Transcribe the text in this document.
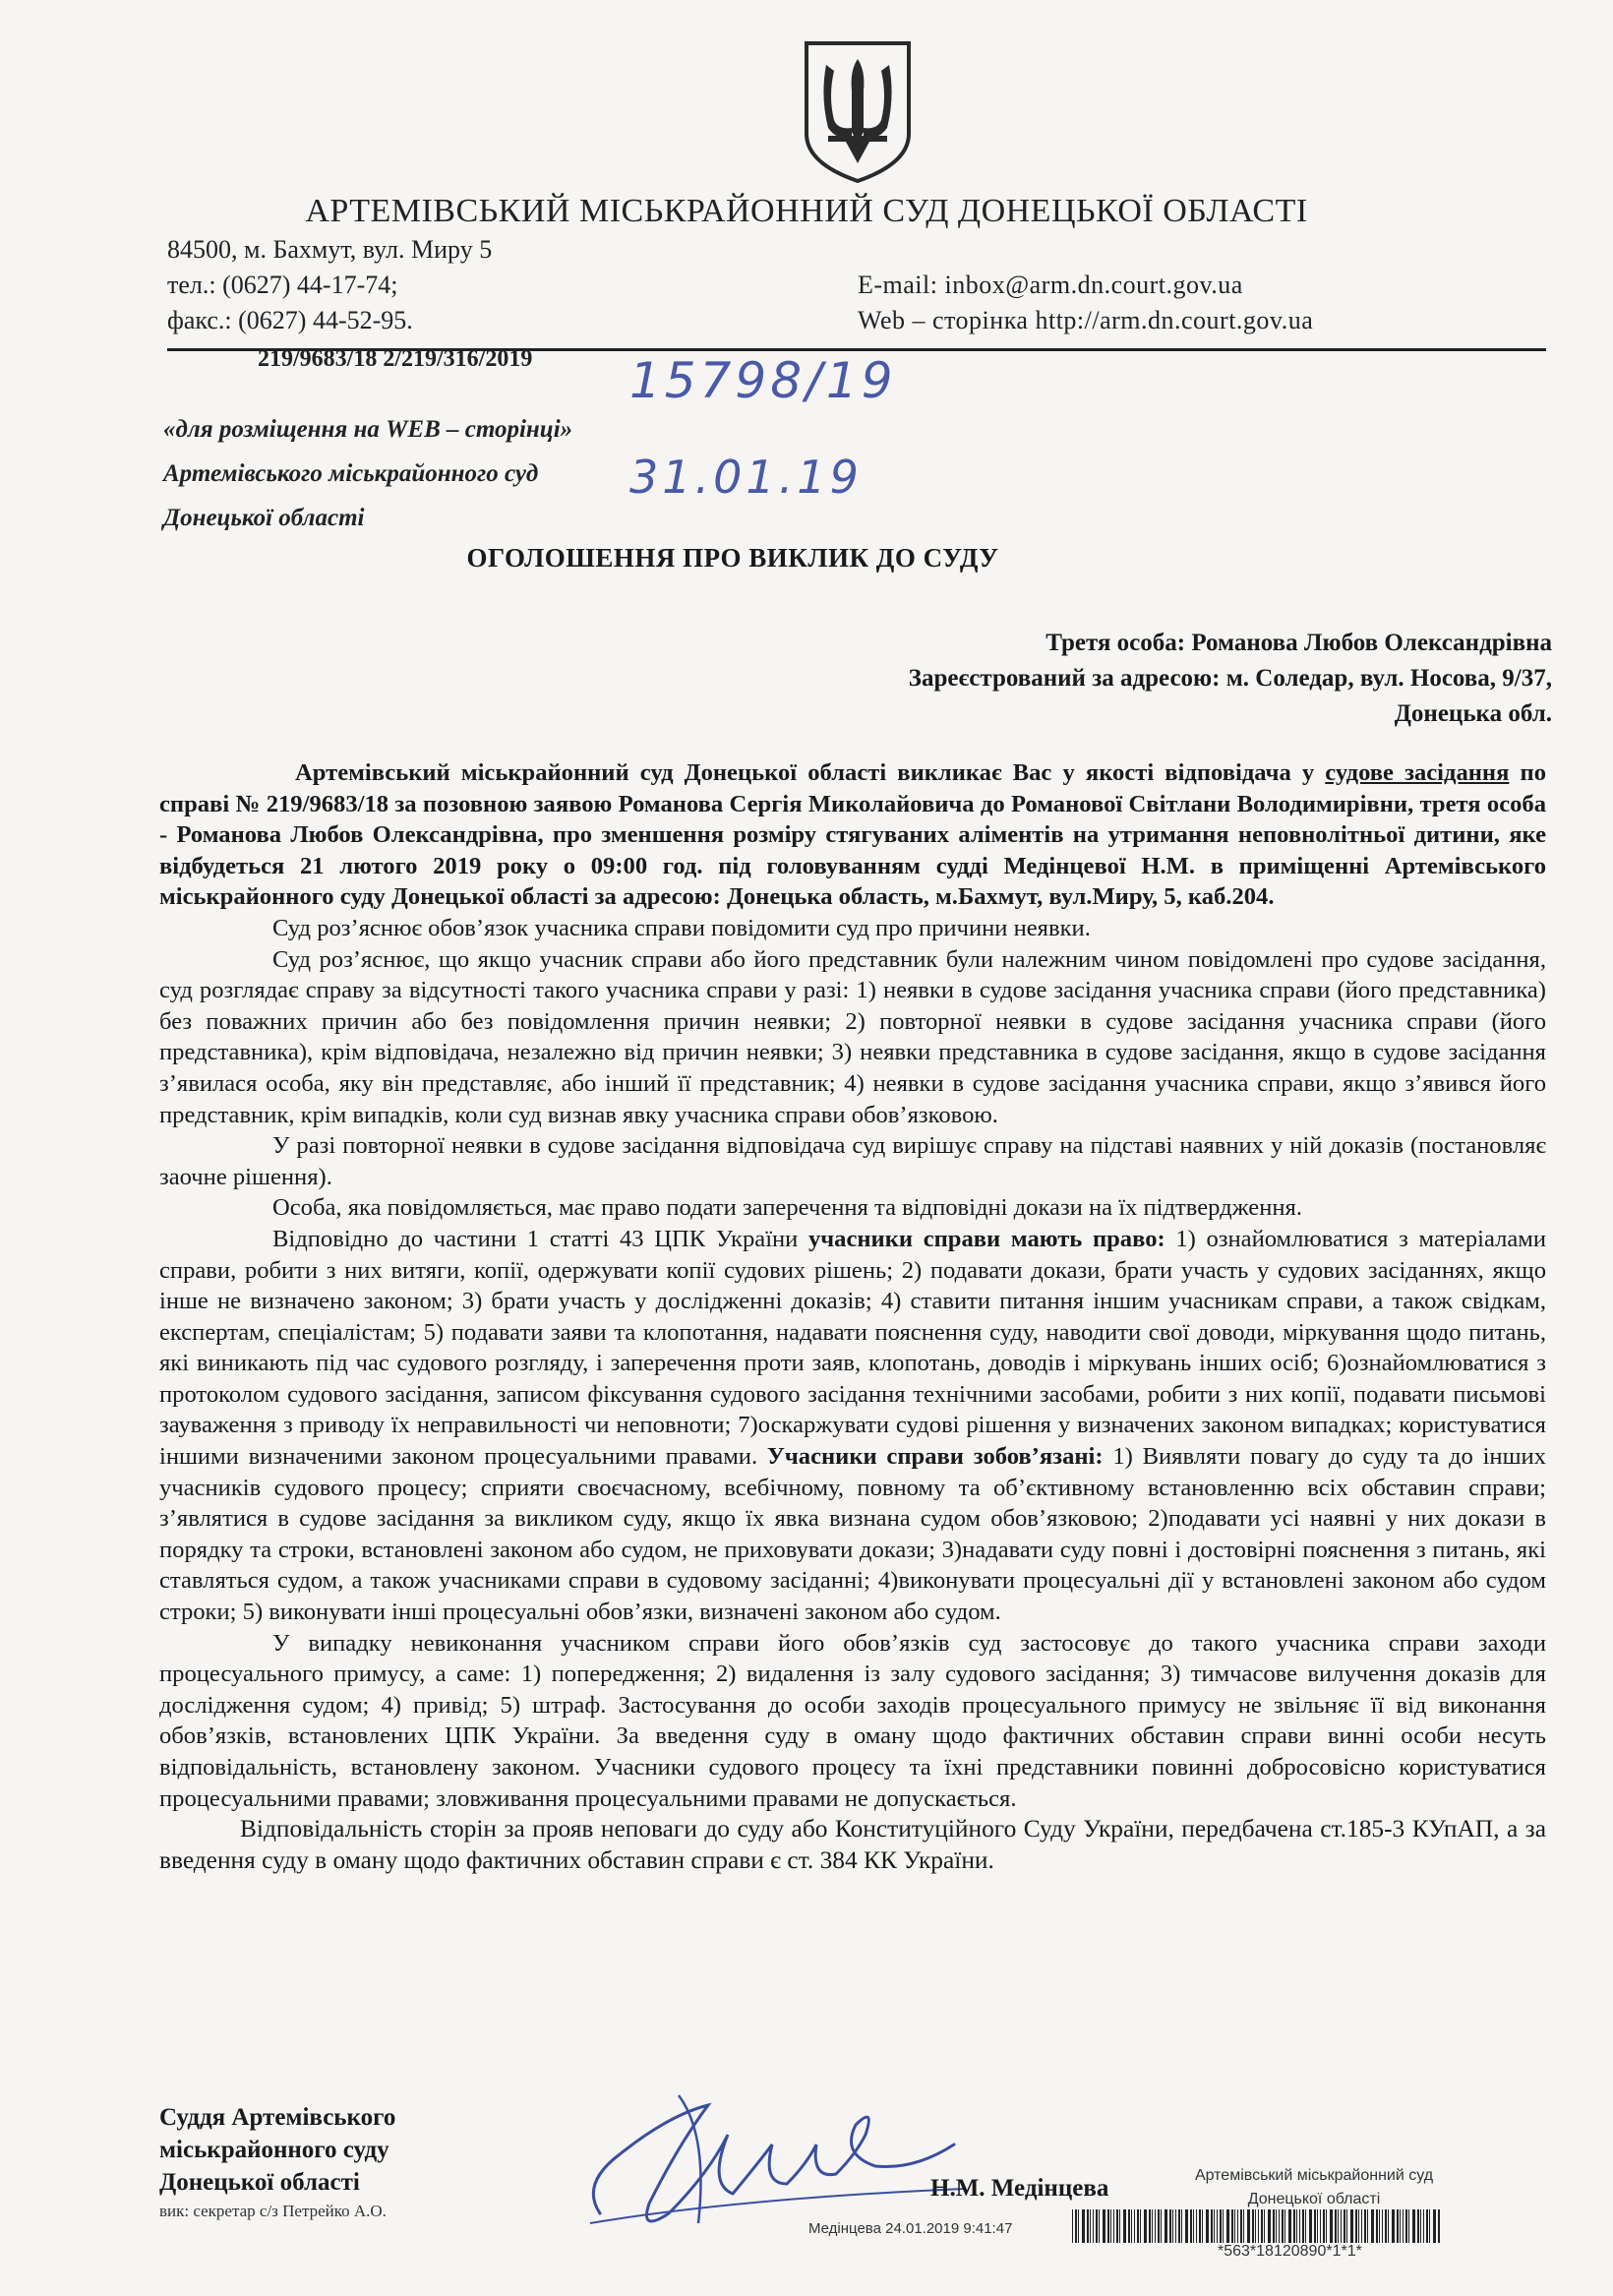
АРТЕМІВСЬКИЙ МІСЬКРАЙОННИЙ СУД ДОНЕЦЬКОЇ ОБЛАСТІ
84500, м. Бахмут, вул. Миру 5
тел.: (0627) 44-17-74;
факс.: (0627) 44-52-95.
E-mail: inbox@arm.dn.court.gov.ua
Web – сторінка http://arm.dn.court.gov.ua
219/9683/18 2/219/316/2019 15798/19
31.01.19
«для розміщення на WEB – сторінці»
Артемівського міськрайонного суд
Донецької області
ОГОЛОШЕННЯ ПРО ВИКЛИК ДО СУДУ
Третя особа: Романова Любов Олександрівна
Зареєстрований за адресою: м. Соледар, вул. Носова, 9/37,
Донецька обл.

Артемівський міськрайонний суд Донецької області викликає Вас у якості відповідача у судове засідання по справі № 219/9683/18 за позовною заявою Романова Сергія Миколайовича до Романової Світлани Володимирівни, третя особа - Романова Любов Олександрівна, про зменшення розміру стягуваних аліментів на утримання неповнолітньої дитини, яке відбудеться 21 лютого 2019 року о 09:00 год. під головуванням судді Медінцевої Н.М. в приміщенні Артемівського міськрайонного суду Донецької області за адресою: Донецька область, м.Бахмут, вул.Миру, 5, каб.204.

Суд роз’яснює обов’язок учасника справи повідомити суд про причини неявки.

Суд роз’яснює, що якщо учасник справи або його представник були належним чином повідомлені про судове засідання, суд розглядає справу за відсутності такого учасника справи у разі: 1) неявки в судове засідання учасника справи (його представника) без поважних причин або без повідомлення причин неявки; 2) повторної неявки в судове засідання учасника справи (його представника), крім відповідача, незалежно від причин неявки; 3) неявки представника в судове засідання, якщо в судове засідання з’явилася особа, яку він представляє, або інший її представник; 4) неявки в судове засідання учасника справи, якщо з’явився його представник, крім випадків, коли суд визнав явку учасника справи обов’язковою.

У разі повторної неявки в судове засідання відповідача суд вирішує справу на підставі наявних у ній доказів (постановляє заочне рішення).

Особа, яка повідомляється, має право подати заперечення та відповідні докази на їх підтвердження.

Відповідно до частини 1 статті 43 ЦПК України учасники справи мають право: 1) ознайомлюватися з матеріалами справи, робити з них витяги, копії, одержувати копії судових рішень; 2) подавати докази, брати участь у судових засіданнях, якщо інше не визначено законом; 3) брати участь у дослідженні доказів; 4) ставити питання іншим учасникам справи, а також свідкам, експертам, спеціалістам; 5) подавати заяви та клопотання, надавати пояснення суду, наводити свої доводи, міркування щодо питань, які виникають під час судового розгляду, і заперечення проти заяв, клопотань, доводів і міркувань інших осіб; 6)ознайомлюватися з протоколом судового засідання, записом фіксування судового засідання технічними засобами, робити з них копії, подавати письмові зауваження з приводу їх неправильності чи неповноти; 7)оскаржувати судові рішення у визначених законом випадках; користуватися іншими визначеними законом процесуальними правами. Учасники справи зобов’язані: 1) Виявляти повагу до суду та до інших учасників судового процесу; сприяти своєчасному, всебічному, повному та об’єктивному встановленню всіх обставин справи; з’являтися в судове засідання за викликом суду, якщо їх явка визнана судом обов’язковою; 2)подавати усі наявні у них докази в порядку та строки, встановлені законом або судом, не приховувати докази; 3)надавати суду повні і достовірні пояснення з питань, які ставляться судом, а також учасниками справи в судовому засіданні; 4)виконувати процесуальні дії у встановлені законом або судом строки; 5) виконувати інші процесуальні обов’язки, визначені законом або судом.

У випадку невиконання учасником справи його обов’язків суд застосовує до такого учасника справи заходи процесуального примусу, а саме: 1) попередження; 2) видалення із залу судового засідання; 3) тимчасове вилучення доказів для дослідження судом; 4) привід; 5) штраф. Застосування до особи заходів процесуального примусу не звільняє її від виконання обов’язків, встановлених ЦПК України. За введення суду в оману щодо фактичних обставин справи винні особи несуть відповідальність, встановлену законом. Учасники судового процесу та їхні представники повинні добросовісно користуватися процесуальними правами; зловживання процесуальними правами не допускається.

Відповідальність сторін за прояв неповаги до суду або Конституційного Суду України, передбачена ст.185-3 КУпАП, а за введення суду в оману щодо фактичних обставин справи є ст. 384 КК України.

Суддя Артемівського
міськрайонного суду
Донецької області
вик: секретар с/з Петрейко А.О.
Н.М. Медінцева	Артемівський міськрайонний суд
Донецької області
Медінцева 24.01.2019 9:41:47
*563*18120890*1*1*
